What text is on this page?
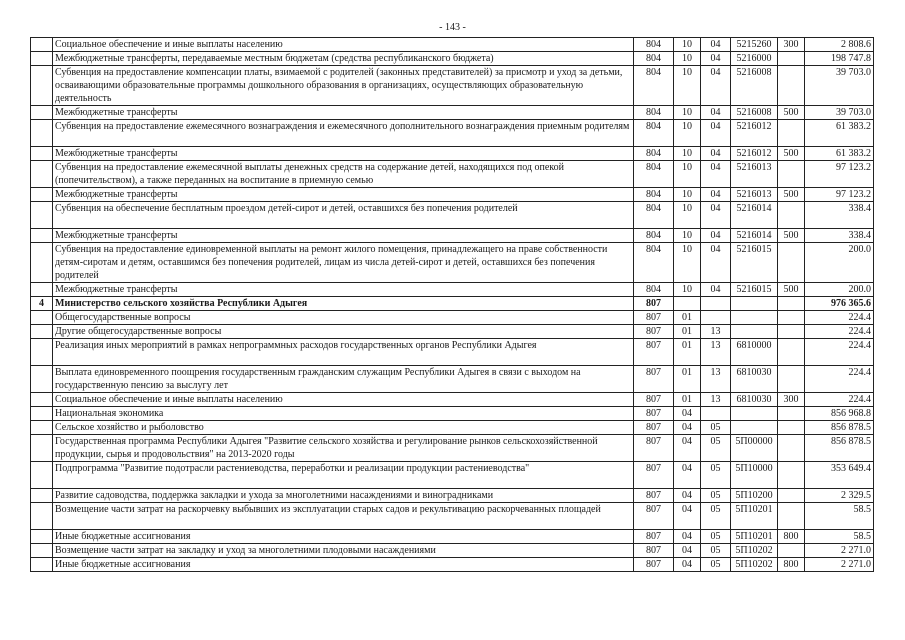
- 143 -
	Социальное обеспечение и иные выплаты населению	804	10	04	5215260	300	2 808.6
	Межбюджетные трансферты, передаваемые местным бюджетам (средства республиканского бюджета)	804	10	04	5216000		198 747.8
	Субвенция на предоставление компенсации платы, взимаемой с родителей (законных представителей) за присмотр и уход за детьми, осваивающими образовательные программы дошкольного образования в организациях, осуществляющих образовательную деятельность	804	10	04	5216008		39 703.0
	Межбюджетные трансферты	804	10	04	5216008	500	39 703.0
	Субвенция на предоставление ежемесячного вознаграждения и ежемесячного дополнительного вознаграждения приемным родителям	804	10	04	5216012		61 383.2
	Межбюджетные трансферты	804	10	04	5216012	500	61 383.2
	Субвенция на предоставление ежемесячной выплаты денежных средств на содержание детей, находящихся под опекой (попечительством), а также переданных на воспитание в приемную семью	804	10	04	5216013		97 123.2
	Межбюджетные трансферты	804	10	04	5216013	500	97 123.2
	Субвенция на обеспечение бесплатным проездом детей-сирот и детей, оставшихся без попечения родителей	804	10	04	5216014		338.4
	Межбюджетные трансферты	804	10	04	5216014	500	338.4
	Субвенция на предоставление единовременной выплаты на ремонт жилого помещения, принадлежащего на праве собственности детям-сиротам и детям, оставшимся без попечения родителей, лицам из числа детей-сирот и детей, оставшихся без попечения родителей	804	10	04	5216015		200.0
	Межбюджетные трансферты	804	10	04	5216015	500	200.0
4	Министерство сельского хозяйства Республики Адыгея	807					976 365.6
	Общегосударственные вопросы	807	01				224.4
	Другие общегосударственные вопросы	807	01	13			224.4
	Реализация иных мероприятий в рамках непрограммных расходов государственных органов Республики Адыгея	807	01	13	6810000		224.4
	Выплата единовременного поощрения государственным гражданским служащим Республики Адыгея в связи с выходом на государственную пенсию за выслугу лет	807	01	13	6810030		224.4
	Социальное обеспечение и иные выплаты населению	807	01	13	6810030	300	224.4
	Национальная экономика	807	04				856 968.8
	Сельское хозяйство и рыболовство	807	04	05			856 878.5
	Государственная программа Республики Адыгея "Развитие сельского хозяйства и регулирование рынков сельскохозяйственной продукции, сырья и продовольствия" на 2013-2020 годы	807	04	05	5П00000		856 878.5
	Подпрограмма "Развитие подотрасли растениеводства, переработки и реализации продукции растениеводства"	807	04	05	5П10000		353 649.4
	Развитие садоводства, поддержка закладки и ухода за многолетними насаждениями и виноградниками	807	04	05	5П10200		2 329.5
	Возмещение части затрат на раскорчевку выбывших из эксплуатации старых садов и рекультивацию раскорчеванных площадей	807	04	05	5П10201		58.5
	Иные бюджетные ассигнования	807	04	05	5П10201	800	58.5
	Возмещение части затрат на закладку и уход за многолетними плодовыми насаждениями	807	04	05	5П10202		2 271.0
	Иные бюджетные ассигнования	807	04	05	5П10202	800	2 271.0
